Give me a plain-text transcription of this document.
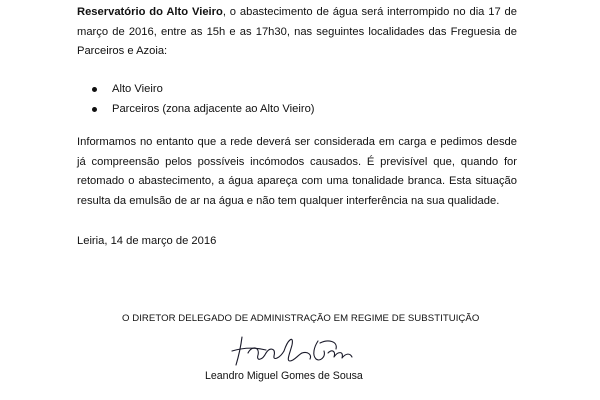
Reservatório do Alto Vieiro, o abastecimento de água será interrompido no dia 17 de março de 2016, entre as 15h e as 17h30, nas seguintes localidades das Freguesia de Parceiros e Azoia:

Alto Vieiro
Parceiros (zona adjacente ao Alto Vieiro)

Informamos no entanto que a rede deverá ser considerada em carga e pedimos desde já compreensão pelos possíveis incómodos causados. É previsível que, quando for retomado o abastecimento, a água apareça com uma tonalidade branca. Esta situação resulta da emulsão de ar na água e não tem qualquer interferência na sua qualidade.

Leiria, 14 de março de 2016

O DIRETOR DELEGADO DE ADMINISTRAÇÃO EM REGIME DE SUBSTITUIÇÃO

Leandro Miguel Gomes de Sousa
